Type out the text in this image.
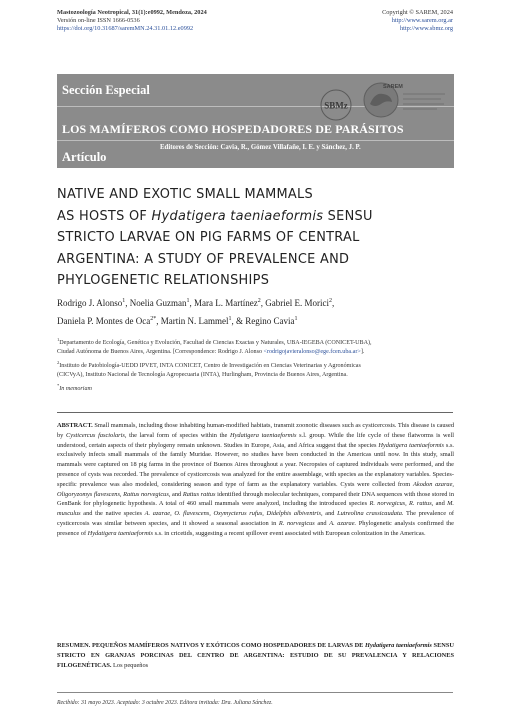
Mastozoología Neotropical, 31(1):e0992, Mendoza, 2024
Versión on-line ISSN 1666-0536
https://doi.org/10.31687/saremMN.24.31.01.12.e0992
Copyright © SAREM, 2024
http://www.sarem.org.ar
http://www.sbmz.org
Sección Especial
SBMz
SAREM
LOS MAMÍFEROS COMO HOSPEDADORES DE PARÁSITOS
Artículo
Editores de Sección: Cavia, R., Gómez Villafañe, I. E. y Sánchez, J. P.
NATIVE AND EXOTIC SMALL MAMMALS
AS HOSTS OF Hydatigera taeniaeformis SENSU
STRICTO LARVAE ON PIG FARMS OF CENTRAL
ARGENTINA: A STUDY OF PREVALENCE AND
PHYLOGENETIC RELATIONSHIPS
Rodrigo J. Alonso$^1$, Noelia Guzman$^1$, Mara L. Martínez$^2$, Gabriel E. Morici$^2$,
Daniela P. Montes de Oca$^{2*}$, Martin N. Lammel$^1$, & Regino Cavia$^1$
$^1$Departamento de Ecología, Genética y Evolución, Facultad de Ciencias Exactas y Naturales, UBA-IEGEBA (CONICET-UBA),
Ciudad Autónoma de Buenos Aires, Argentina. [Correspondence: Rodrigo J. Alonso <rodrigojavieralonso@ege.fcen.uba.ar>].
$^2$Instituto de Patobiología-UEDD IPVET, INTA CONICET, Centro de Investigación en Ciencias Veterinarias y Agronómicas
(CICVyA), Instituto Nacional de Tecnología Agropecuaria (INTA), Hurlingham, Provincia de Buenos Aires, Argentina.
*In memoriam

ABSTRACT. Small mammals, including those inhabiting human-modified habitats, transmit zoonotic diseases such as cysticercosis. This disease is caused by Cysticercus fasciolaris, the larval form of species within the Hydatigera taeniaeformis s.l. group. While the life cycle of these flatworms is well understood, certain aspects of their phylogeny remain unknown. Studies in Europe, Asia, and Africa suggest that the species Hydatigera taeniaeformis s.s. exclusively infects small mammals of the family Muridae. However, no studies have been conducted in the Americas until now. In this study, small mammals were captured on 18 pig farms in the province of Buenos Aires throughout a year. Necropsies of captured individuals were performed, and the presence of cysts was recorded. The prevalence of cysticercosis was analyzed for the entire assemblage, with species as the explanatory variables. Species-specific prevalence was also modeled, considering season and type of farm as the explanatory variables. Cysts were collected from Akodon azarae, Oligoryzomys flavescens, Rattus norvegicus, and Rattus rattus identified through molecular techniques, compared their DNA sequences with those stored in GenBank for phylogenetic hypothesis. A total of 460 small mammals were analyzed, including the introduced species R. norvegicus, R. rattus, and M. musculus and the native species A. azarae, O. flavescens, Oxymycterus rufus, Didelphis albiventris, and Lutreolina crassicaudata. The prevalence of cysticercosis was similar between species, and it showed a seasonal association in R. norvegicus and A. azarae. Phylogenetic analysis confirmed the presence of Hydatigera taeniaeformis s.s. in cricetids, suggesting a recent spillover event associated with European colonization in the Americas.

RESUMEN. PEQUEÑOS MAMÍFEROS NATIVOS Y EXÓTICOS COMO HOSPEDADORES DE LARVAS DE Hydatigera taeniaeformis SENSU STRICTO EN GRANJAS PORCINAS DEL CENTRO DE ARGENTINA: ESTUDIO DE SU PREVALENCIA Y RELACIONES FILOGENÉTICAS. Los pequeños

Recibido: 31 mayo 2023. Aceptado: 3 octubre 2023. Editora invitada: Dra. Juliana Sánchez.
